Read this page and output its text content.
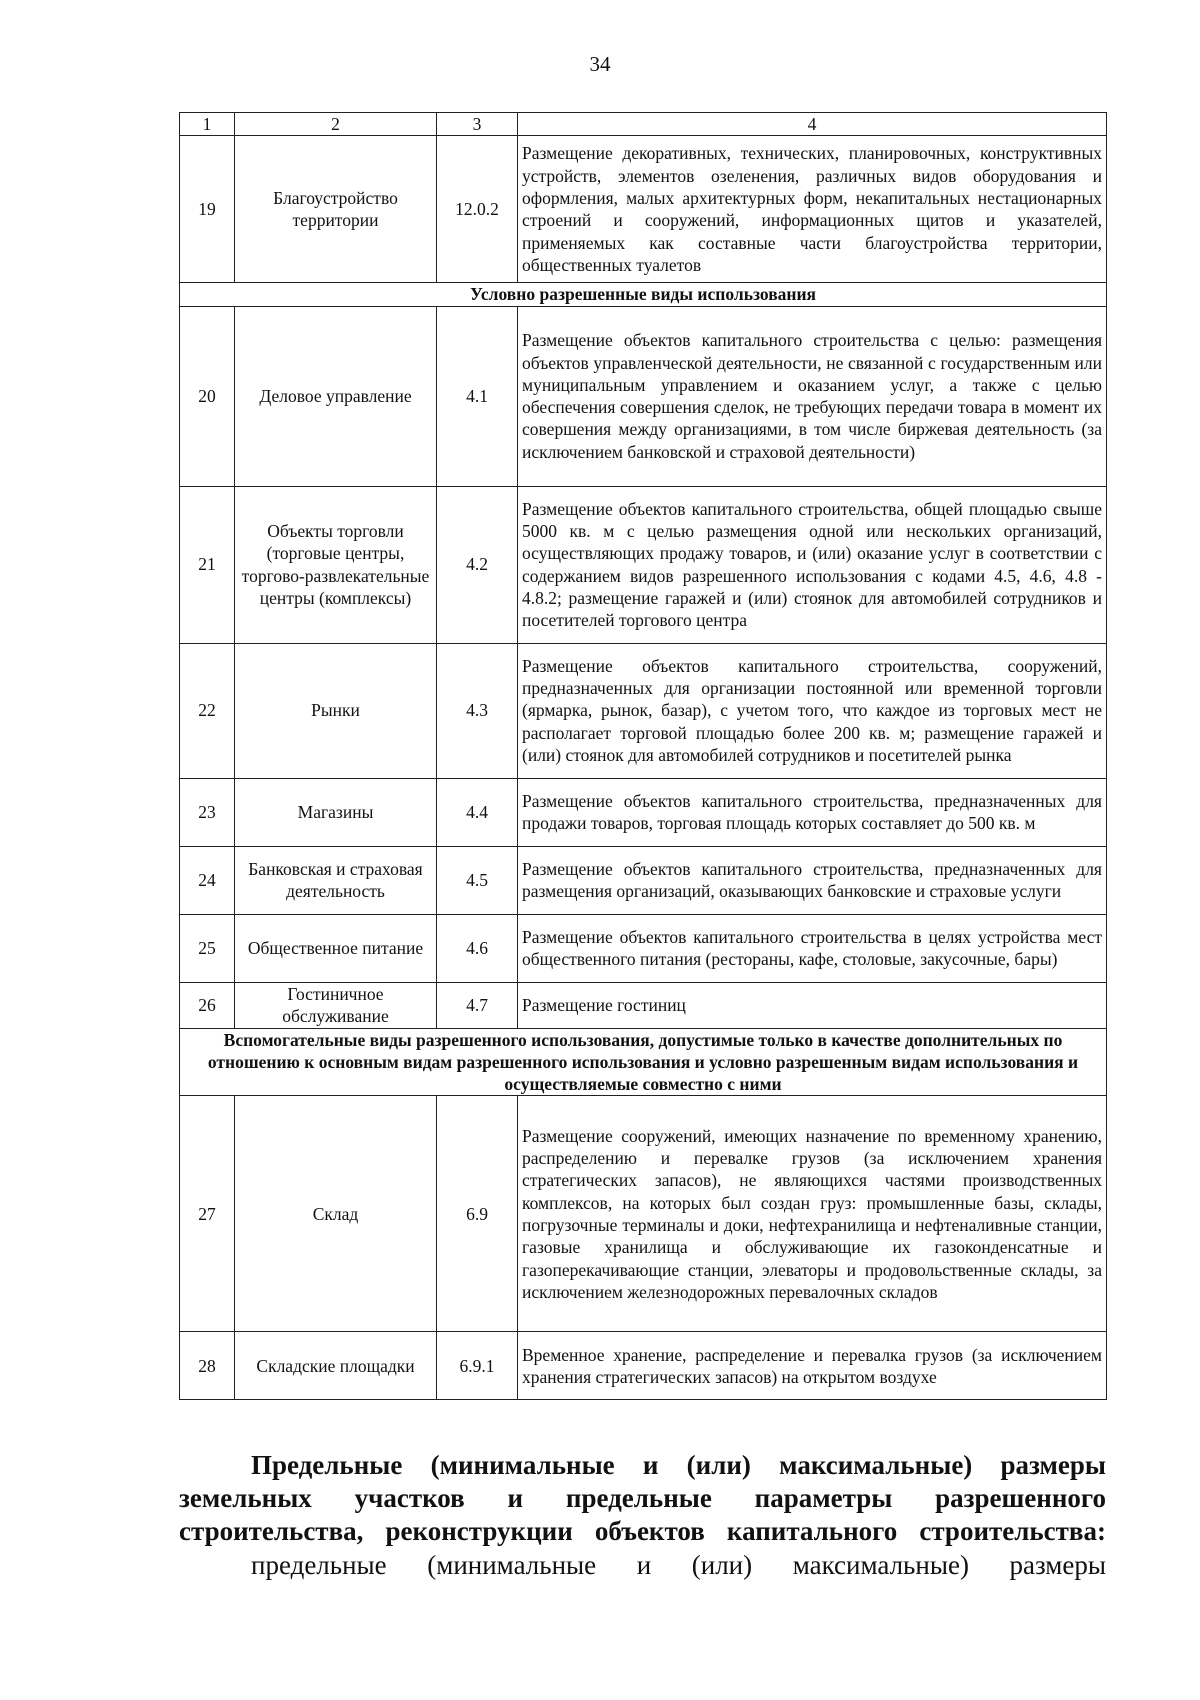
34
1	2	3	4
19	Благоустройство территории	12.0.2	Размещение декоративных, технических, планировочных, конструктивных устройств, элементов озеленения, различных видов оборудования и оформления, малых архитектурных форм, некапитальных нестационарных строений и сооружений, информационных щитов и указателей, применяемых как составные части благоустройства территории, общественных туалетов
Условно разрешенные виды использования			
20	Деловое управление	4.1	Размещение объектов капитального строительства с целью: размещения объектов управленческой деятельности, не связанной с государственным или муниципальным управлением и оказанием услуг, а также с целью обеспечения совершения сделок, не требующих передачи товара в момент их совершения между организациями, в том числе биржевая деятельность (за исключением банковской и страховой деятельности)
21	Объекты торговли (торговые центры, торгово-развлекательные центры (комплексы)	4.2	Размещение объектов капитального строительства, общей площадью свыше 5000 кв. м с целью размещения одной или нескольких организаций, осуществляющих продажу товаров, и (или) оказание услуг в соответствии с содержанием видов разрешенного использования с кодами 4.5, 4.6, 4.8 - 4.8.2; размещение гаражей и (или) стоянок для автомобилей сотрудников и посетителей торгового центра
22	Рынки	4.3	Размещение объектов капитального строительства, сооружений, предназначенных для организации постоянной или временной торговли (ярмарка, рынок, базар), с учетом того, что каждое из торговых мест не располагает торговой площадью более 200 кв. м; размещение гаражей и (или) стоянок для автомобилей сотрудников и посетителей рынка
23	Магазины	4.4	Размещение объектов капитального строительства, предназначенных для продажи товаров, торговая площадь которых составляет до 500 кв. м
24	Банковская и страховая деятельность	4.5	Размещение объектов капитального строительства, предназначенных для размещения организаций, оказывающих банковские и страховые услуги
25	Общественное питание	4.6	Размещение объектов капитального строительства в целях устройства мест общественного питания (рестораны, кафе, столовые, закусочные, бары)
26	Гостиничное обслуживание	4.7	Размещение гостиниц
Вспомогательные виды разрешенного использования, допустимые только в качестве дополнительных по отношению к основным видам разрешенного использования и условно разрешенным видам использования и осуществляемые совместно с ними			
27	Склад	6.9	Размещение сооружений, имеющих назначение по временному хранению, распределению и перевалке грузов (за исключением хранения стратегических запасов), не являющихся частями производственных комплексов, на которых был создан груз: промышленные базы, склады, погрузочные терминалы и доки, нефтехранилища и нефтеналивные станции, газовые хранилища и обслуживающие их газоконденсатные и газоперекачивающие станции, элеваторы и продовольственные склады, за исключением железнодорожных перевалочных складов
28	Складские площадки	6.9.1	Временное хранение, распределение и перевалка грузов (за исключением хранения стратегических запасов) на открытом воздухе
Предельные (минимальные и (или) максимальные) размеры земельных участков и предельные параметры разрешенного строительства, реконструкции объектов капитального строительства:
предельные (минимальные и (или) максимальные) размеры
